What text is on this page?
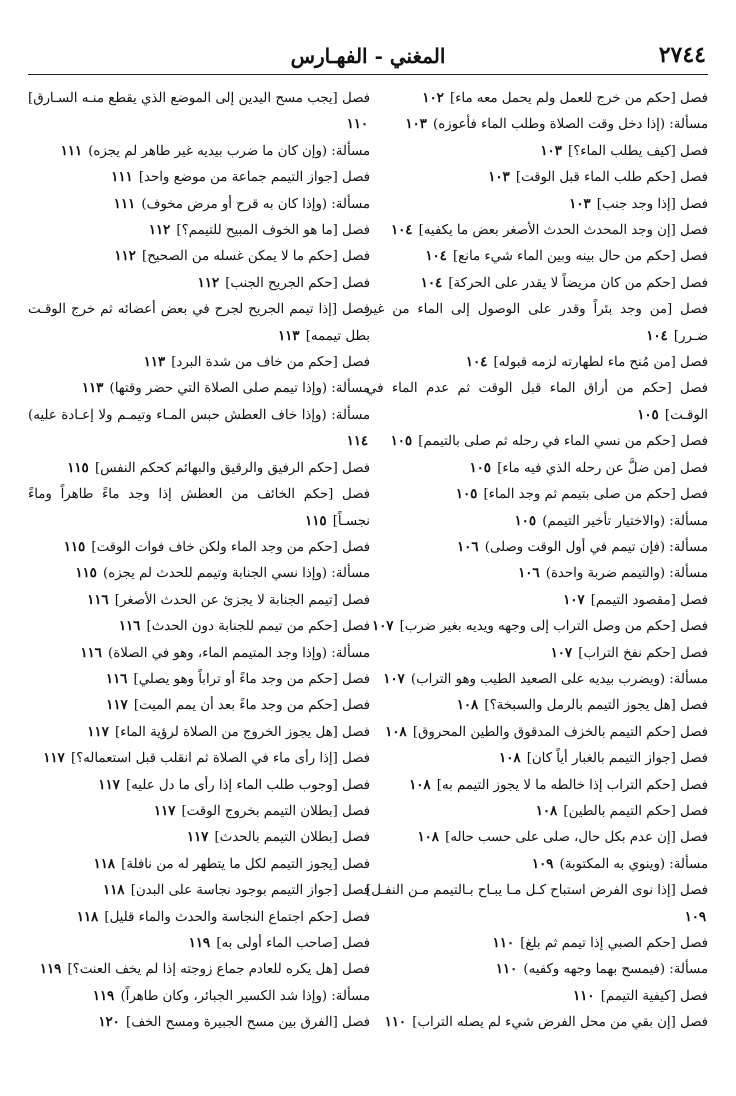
٢٧٤٤
المغني - الفهـارس

فصل [حكم من خرج للعمل ولم يحمل معه ماء] ١٠٢

مسألة: (إذا دخل وقت الصلاة وطلب الماء فأعوزه) ١٠٣

فصل [كيف يطلب الماء؟] ١٠٣

فصل [حكم طلب الماء قبل الوقت] ١٠٣

فصل [إذا وجد جنب] ١٠٣

فصل [إن وجد المحدث الحدث الأصغر بعض ما يكفيه] ١٠٤

فصل [حكم من حال بينه وبين الماء شيء مانع] ١٠٤

فصل [حكم من كان مريضاً لا يقدر على الحركة] ١٠٤

فصل [من وجد بئراً وقدر على الوصول إلى الماء من غير ضـرر] ١٠٤

فصل [من مُنح ماء لطهارته لزمه قبوله] ١٠٤

فصل [حكم من أراق الماء قبل الوقت ثم عدم الماء في الوقـت] ١٠٥

فصل [حكم من نسي الماء في رحله ثم صلى بالتيمم] ١٠٥

فصل [من ضلَّ عن رحله الذي فيه ماء] ١٠٥

فصل [حكم من صلى بتيمم ثم وجد الماء] ١٠٥

مسألة: (والاختيار تأخير التيمم) ١٠٥

مسألة: (فإن تيمم في أول الوقت وصلى) ١٠٦

مسألة: (والتيمم ضربة واحدة) ١٠٦

فصل [مقصود التيمم] ١٠٧

فصل [حكم من وصل التراب إلى وجهه ويديه بغير ضرب] ١٠٧

فصل [حكم نفخ التراب] ١٠٧

مسألة: (ويضرب بيديه على الصعيد الطيب وهو التراب) ١٠٧

فصل [هل يجوز التيمم بالرمل والسبخة؟] ١٠٨

فصل [حكم التيمم بالخزف المدقوق والطين المحروق] ١٠٨

فصل [جواز التيمم بالغبار أياً كان] ١٠٨

فصل [حكم التراب إذا خالطه ما لا يجوز التيمم به] ١٠٨

فصل [حكم التيمم بالطين] ١٠٨

فصل [إن عدم بكل حال، صلى على حسب حاله] ١٠٨

مسألة: (وينوي به المكتوبة) ١٠٩

فصل [إذا نوى الفرض استباح كـل مـا يبـاح بـالتيمم مـن النفـل] ١٠٩

فصل [حكم الصبي إذا تيمم ثم بلغ] ١١٠

مسألة: (فيمسح بهما وجهه وكفيه) ١١٠

فصل [كيفية التيمم] ١١٠

فصل [إن بقي من محل الفرض شيء لم يصله التراب] ١١٠

فصل [يجب مسح اليدين إلى الموضع الذي يقطع منـه السـارق] ١١٠

مسألة: (وإن كان ما ضرب بيديه غير طاهر لم يجزه) ١١١

فصل [جواز التيمم جماعة من موضع واحد] ١١١

مسألة: (وإذا كان به قرح أو مرض مخوف) ١١١

فصل [ما هو الخوف المبيح للتيمم؟] ١١٢

فصل [حكم ما لا يمكن غسله من الصحيح] ١١٢

فصل [حكم الجريح الجنب] ١١٢

فصل [إذا تيمم الجريح لجرح في بعض أعضائه ثم خرج الوقـت بطل تيممه] ١١٣

فصل [حكم من خاف من شدة البرد] ١١٣

مسألة: (وإذا تيمم صلى الصلاة التي حضر وقتها) ١١٣

مسألة: (وإذا خاف العطش حبس المـاء وتيمـم ولا إعـادة عليه) ١١٤

فصل [حكم الرفيق والرقيق والبهائم كحكم النفس] ١١٥

فصل [حكم الخائف من العطش إذا وجد ماءً طاهراً وماءً نجسـاً] ١١٥

فصل [حكم من وجد الماء ولكن خاف فوات الوقت] ١١٥

مسألة: (وإذا نسي الجنابة وتيمم للحدث لم يجزه) ١١٥

فصل [تيمم الجنابة لا يجزئ عن الحدث الأصغر] ١١٦

فصل [حكم من تيمم للجنابة دون الحدث] ١١٦

مسألة: (وإذا وجد المتيمم الماء، وهو في الصلاة) ١١٦

فصل [حكم من وجد ماءً أو تراباً وهو يصلي] ١١٦

فصل [حكم من وجد ماءً بعد أن يمم الميت] ١١٧

فصل [هل يجوز الخروج من الصلاة لرؤية الماء] ١١٧

فصل [إذا رأى ماء في الصلاة ثم انقلب قبل استعماله؟] ١١٧

فصل [وجوب طلب الماء إذا رأى ما دل عليه] ١١٧

فصل [بطلان التيمم بخروج الوقت] ١١٧

فصل [بطلان التيمم بالحدث] ١١٧

فصل [يجوز التيمم لكل ما يتطهر له من نافلة] ١١٨

فصل [جواز التيمم بوجود نجاسة على البدن] ١١٨

فصل [حكم اجتماع النجاسة والحدث والماء قليل] ١١٨

فصل [صاحب الماء أولى به] ١١٩

فصل [هل يكره للعادم جماع زوجته إذا لم يخف العنت؟] ١١٩

مسألة: (وإذا شد الكسير الجبائر، وكان طاهراً) ١١٩

فصل [الفرق بين مسح الجبيرة ومسح الخف] ١٢٠
